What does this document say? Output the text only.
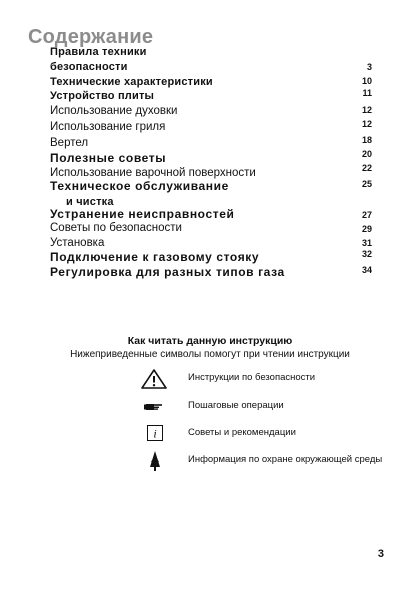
Содержание
Правила техники
безопасности	3
Технические характеристики	10
Устройство плиты	11
Использование духовки	12
Использование гриля	12
Вертел	18
Полезные советы	20
Использование варочной поверхности	22
Техническое обслуживание	25
и чистка
Устранение неисправностей	27
Советы по безопасности	29
Установка	31
Подключение к газовому стояку	32
Регулировка для разных типов газа	34
Как читать данную инструкцию
Нижеприведенные символы помогут при чтении инструкции
Инструкции по безопасности
Пошаговые операции
i	Советы и рекомендации
Информация по охране окружающей среды
3
